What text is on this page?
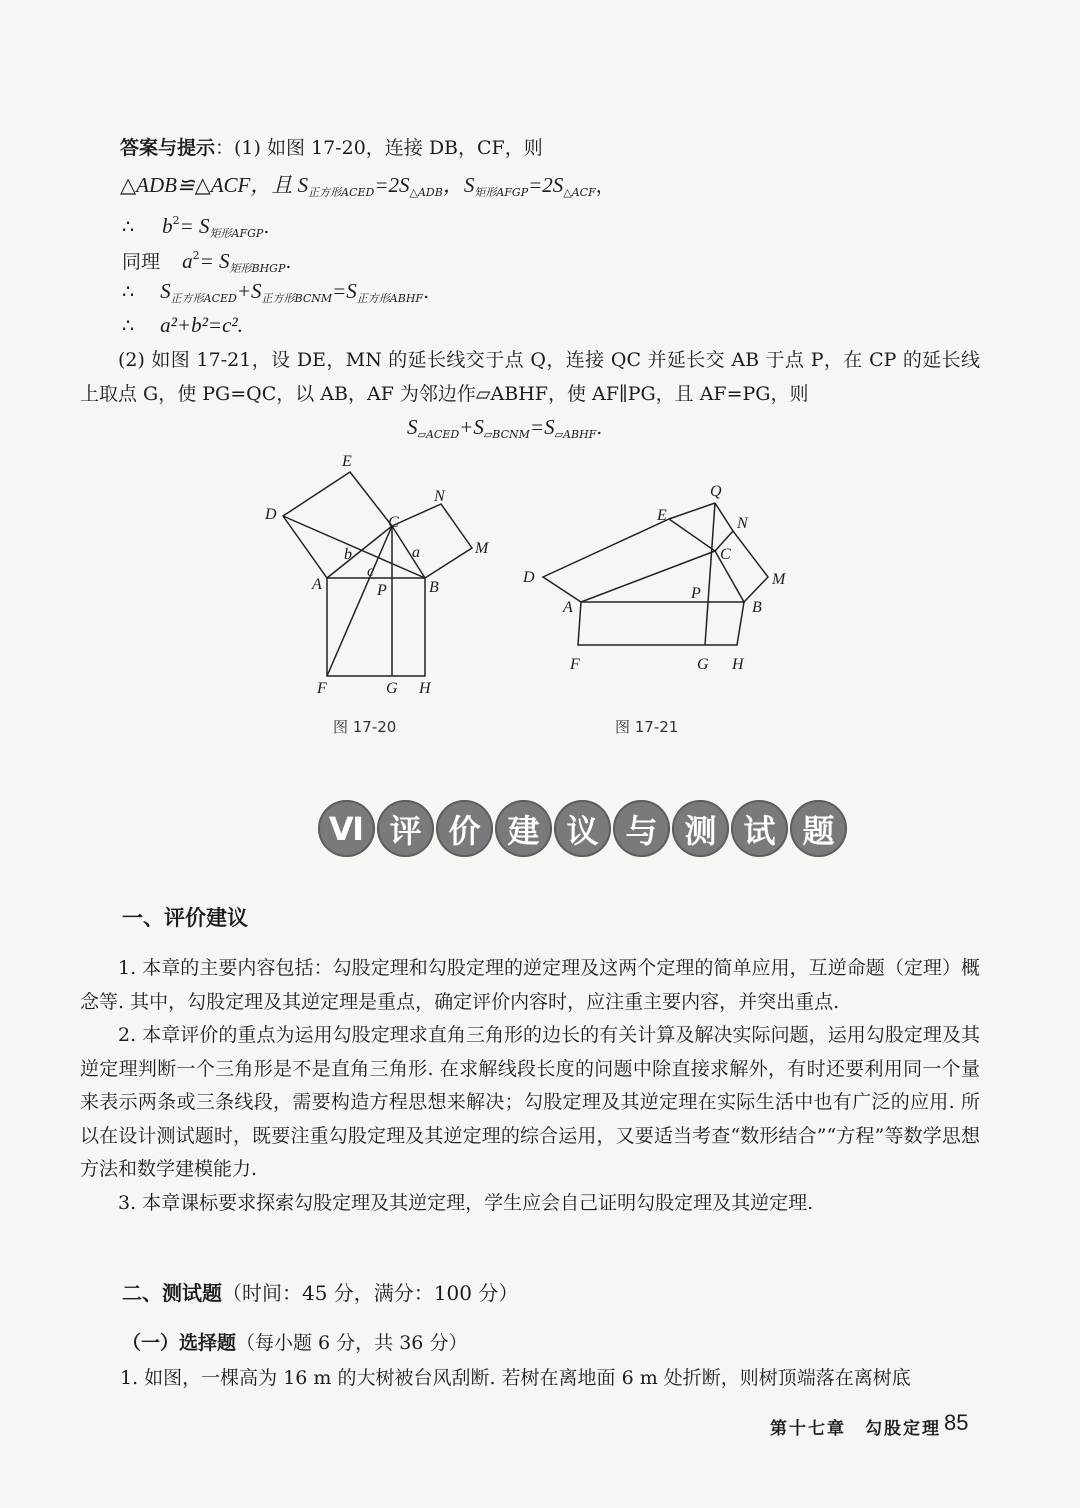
答案与提示：(1) 如图 17-20，连接 DB，CF，则
△ADB≌△ACF，且 $S_{正方形ACED}=2S_{\triangle ADB}$，$S_{矩形AFGP}=2S_{\triangle ACF}$，
∴ $b^2= S_{矩形AFGP}$.
同理 $a^2= S_{矩形BHGP}$.
∴ $S_{正方形ACED}+S_{正方形BCNM}=S_{正方形ABHF}$.
∴ a²+b²=c².

(2) 如图 17-21，设 DE，MN 的延长线交于点 Q，连接 QC 并延长交 AB 于点 P，在 CP 的延长线上取点 G，使 PG=QC，以 AB，AF 为邻边作▱ABHF，使 AF∥PG，且 AF=PG，则

$S_{▱ACED}+S_{▱BCNM}=S_{▱ABHF}$.
E
D	C
N
M
b	a
c
A	P	B
F	G H
Q
E	N
C
D	M
P
A	B
F	G H
图 17-20	图 17-21
Ⅵ 评 价 建 议 与 测 试 题
一、评价建议

1. 本章的主要内容包括：勾股定理和勾股定理的逆定理及这两个定理的简单应用，互逆命题（定理）概念等. 其中，勾股定理及其逆定理是重点，确定评价内容时，应注重主要内容，并突出重点.

2. 本章评价的重点为运用勾股定理求直角三角形的边长的有关计算及解决实际问题，运用勾股定理及其逆定理判断一个三角形是不是直角三角形. 在求解线段长度的问题中除直接求解外，有时还要利用同一个量来表示两条或三条线段，需要构造方程思想来解决；勾股定理及其逆定理在实际生活中也有广泛的应用. 所以在设计测试题时，既要注重勾股定理及其逆定理的综合运用，又要适当考查“数形结合”“方程”等数学思想方法和数学建模能力.

3. 本章课标要求探索勾股定理及其逆定理，学生应会自己证明勾股定理及其逆定理.

二、测试题（时间：45 分，满分：100 分）
（一）选择题（每小题 6 分，共 36 分）
1. 如图，一棵高为 16 m 的大树被台风刮断. 若树在离地面 6 m 处折断，则树顶端落在离树底
第十七章　勾股定理 85
